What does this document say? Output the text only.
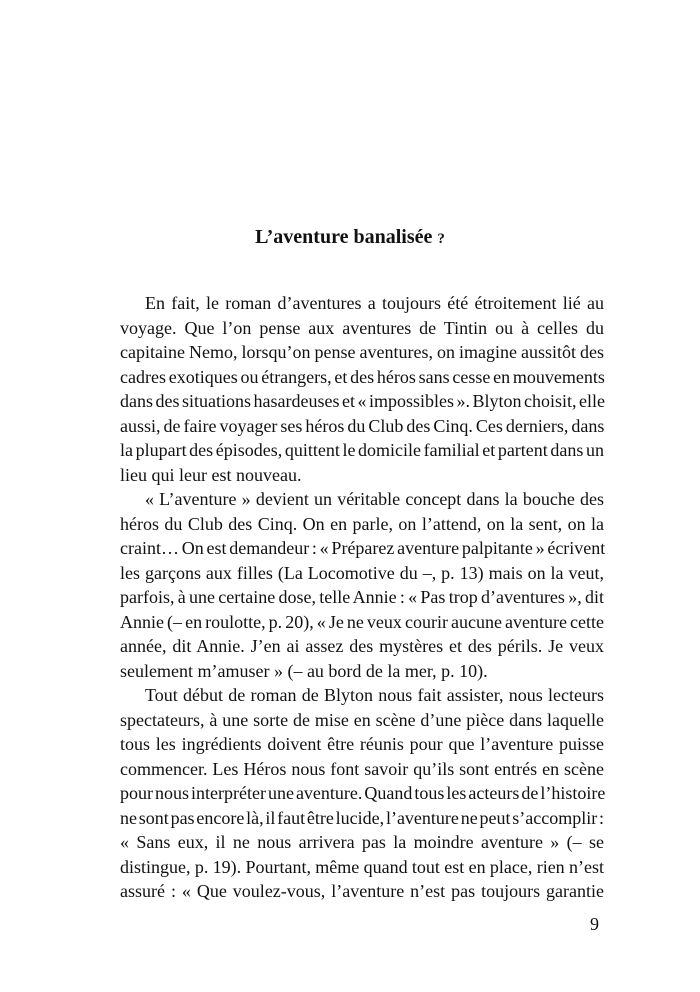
L’aventure banalisée ?
En fait, le roman d’aventures a toujours été étroitement lié au
voyage. Que l’on pense aux aventures de Tintin ou à celles du
capitaine Nemo, lorsqu’on pense aventures, on imagine aussitôt des
cadres exotiques ou étrangers, et des héros sans cesse en mouvements
dans des situations hasardeuses et « impossibles ». Blyton choisit, elle
aussi, de faire voyager ses héros du Club des Cinq. Ces derniers, dans
la plupart des épisodes, quittent le domicile familial et partent dans un
lieu qui leur est nouveau.
« L’aventure » devient un véritable concept dans la bouche des
héros du Club des Cinq. On en parle, on l’attend, on la sent, on la
craint… On est demandeur : « Préparez aventure palpitante » écrivent
les garçons aux filles (La Locomotive du –, p. 13) mais on la veut,
parfois, à une certaine dose, telle Annie : « Pas trop d’aventures », dit
Annie (– en roulotte, p. 20), « Je ne veux courir aucune aventure cette
année, dit Annie. J’en ai assez des mystères et des périls. Je veux
seulement m’amuser » (– au bord de la mer, p. 10).
Tout début de roman de Blyton nous fait assister, nous lecteurs
spectateurs, à une sorte de mise en scène d’une pièce dans laquelle
tous les ingrédients doivent être réunis pour que l’aventure puisse
commencer. Les Héros nous font savoir qu’ils sont entrés en scène
pour nous interpréter une aventure. Quand tous les acteurs de l’histoire
ne sont pas encore là, il faut être lucide, l’aventure ne peut s’accomplir :
« Sans eux, il ne nous arrivera pas la moindre aventure » (– se
distingue, p. 19). Pourtant, même quand tout est en place, rien n’est
assuré : « Que voulez-vous, l’aventure n’est pas toujours garantie
9
